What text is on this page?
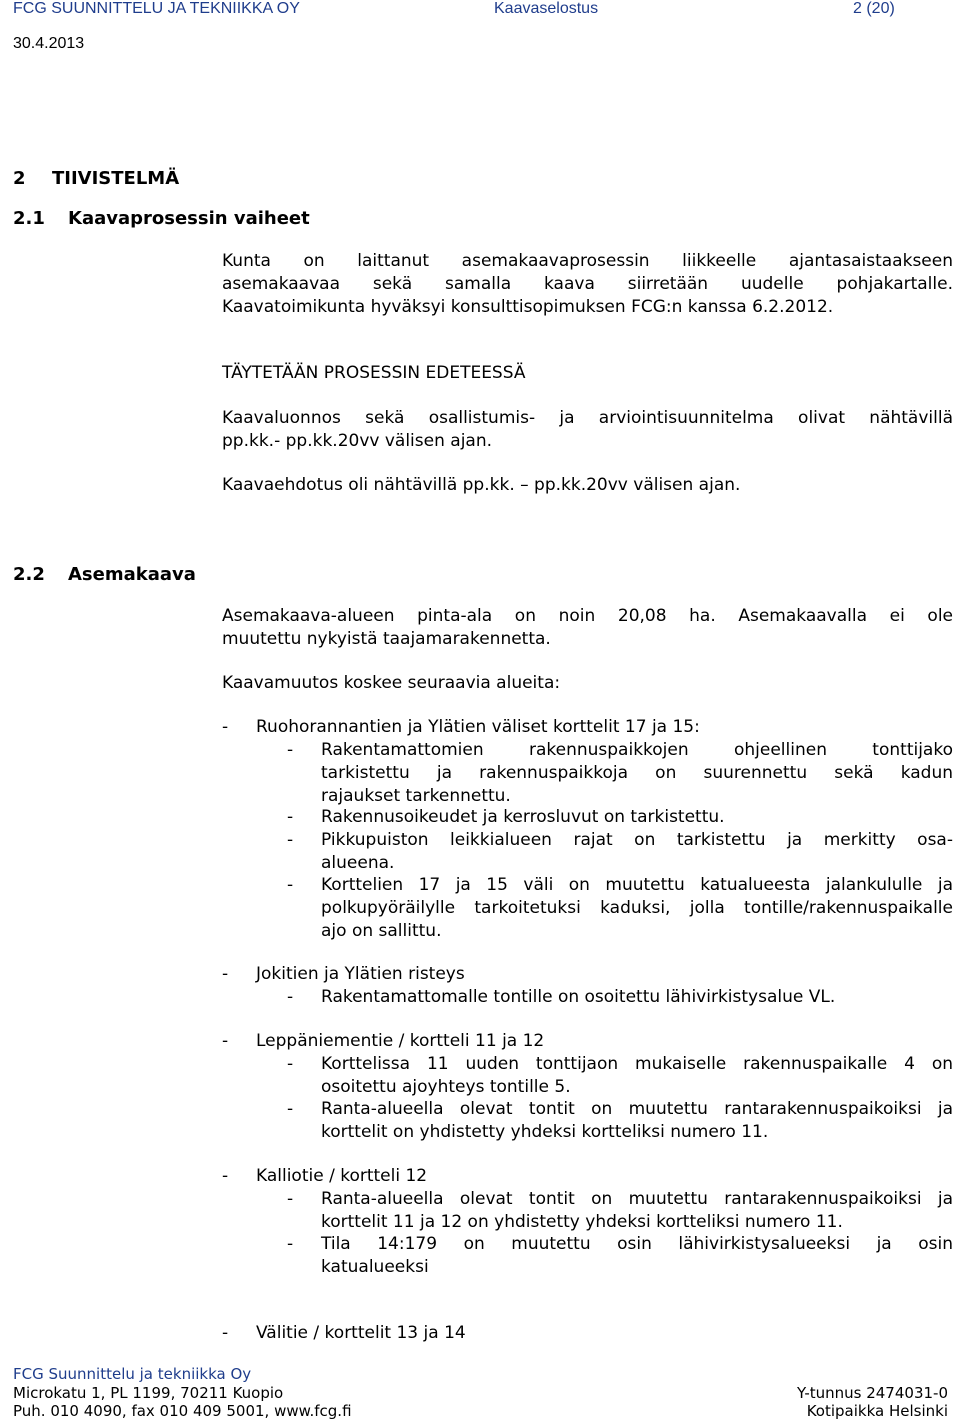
FCG SUUNNITTELU JA TEKNIIKKA OY	Kaavaselostus	2 (20)
30.4.2013
2 TIIVISTELMÄ
2.1 Kaavaprosessin vaiheet
Kunta on laittanut asemakaavaprosessin liikkeelle ajantasaistaakseen
asemakaavaa sekä samalla kaava siirretään uudelle pohjakartalle.
Kaavatoimikunta hyväksyi konsulttisopimuksen FCG:n kanssa 6.2.2012.
TÄYTETÄÄN PROSESSIN EDETEESSÄ
Kaavaluonnos sekä osallistumis- ja arviointisuunnitelma olivat nähtävillä
pp.kk.- pp.kk.20vv välisen ajan.
Kaavaehdotus oli nähtävillä pp.kk. – pp.kk.20vv välisen ajan.
2.2 Asemakaava
Asemakaava-alueen pinta-ala on noin 20,08 ha. Asemakaavalla ei ole
muutettu nykyistä taajamarakennetta.
Kaavamuutos koskee seuraavia alueita:
- Ruohorannantien ja Ylätien väliset korttelit 17 ja 15:
- Rakentamattomien rakennuspaikkojen ohjeellinen tonttijako
tarkistettu ja rakennuspaikkoja on suurennettu sekä kadun
rajaukset tarkennettu.
- Rakennusoikeudet ja kerrosluvut on tarkistettu.
- Pikkupuiston leikkialueen rajat on tarkistettu ja merkitty osa-
alueena.
- Korttelien 17 ja 15 väli on muutettu katualueesta jalankululle ja
polkupyöräilylle tarkoitetuksi kaduksi, jolla tontille/rakennuspaikalle
ajo on sallittu.
- Jokitien ja Ylätien risteys
- Rakentamattomalle tontille on osoitettu lähivirkistysalue VL.
- Leppäniementie / kortteli 11 ja 12
- Korttelissa 11 uuden tonttijaon mukaiselle rakennuspaikalle 4 on
osoitettu ajoyhteys tontille 5.
- Ranta-alueella olevat tontit on muutettu rantarakennuspaikoiksi ja
korttelit on yhdistetty yhdeksi kortteliksi numero 11.
- Kalliotie / kortteli 12
- Ranta-alueella olevat tontit on muutettu rantarakennuspaikoiksi ja
korttelit 11 ja 12 on yhdistetty yhdeksi kortteliksi numero 11.
- Tila 14:179 on muutettu osin lähivirkistysalueeksi ja osin
katualueeksi
- Välitie / korttelit 13 ja 14
FCG Suunnittelu ja tekniikka Oy
Microkatu 1, PL 1199, 70211 Kuopio
Puh. 010 4090, fax 010 409 5001, www.fcg.fi
Y-tunnus 2474031-0
Kotipaikka Helsinki
